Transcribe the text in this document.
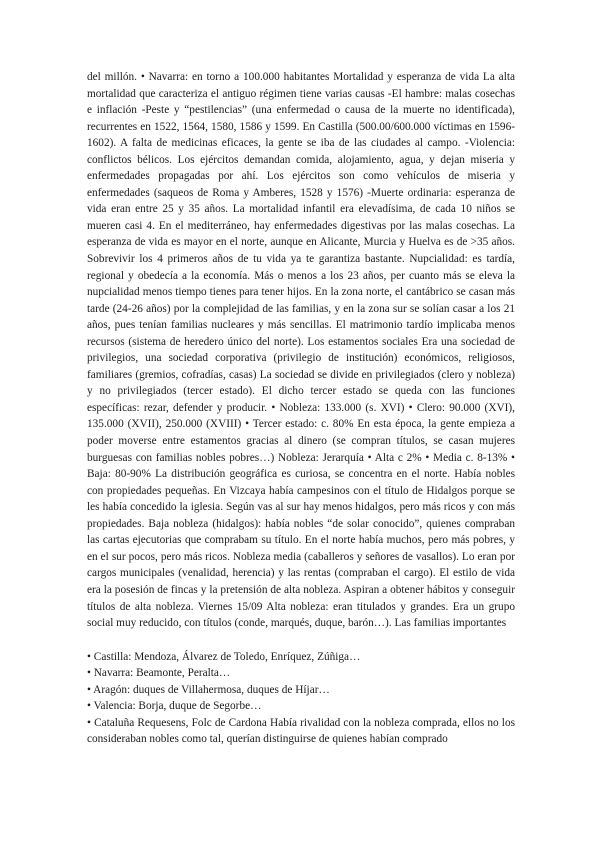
del millón. • Navarra: en torno a 100.000 habitantes Mortalidad y esperanza de vida La alta mortalidad que caracteriza el antiguo régimen tiene varias causas -El hambre: malas cosechas e inflación -Peste y “pestilencias” (una enfermedad o causa de la muerte no identificada), recurrentes en 1522, 1564, 1580, 1586 y 1599. En Castilla (500.00/600.000 víctimas en 1596-1602). A falta de medicinas eficaces, la gente se iba de las ciudades al campo. -Violencia: conflictos bélicos. Los ejércitos demandan comida, alojamiento, agua, y dejan miseria y enfermedades propagadas por ahí. Los ejércitos son como vehículos de miseria y enfermedades (saqueos de Roma y Amberes, 1528 y 1576) -Muerte ordinaria: esperanza de vida eran entre 25 y 35 años. La mortalidad infantil era elevadísima, de cada 10 niños se mueren casi 4. En el mediterráneo, hay enfermedades digestivas por las malas cosechas. La esperanza de vida es mayor en el norte, aunque en Alicante, Murcia y Huelva es de >35 años. Sobrevivir los 4 primeros años de tu vida ya te garantiza bastante. Nupcialidad: es tardía, regional y obedecía a la economía. Más o menos a los 23 años, per cuanto más se eleva la nupcialidad menos tiempo tienes para tener hijos. En la zona norte, el cantábrico se casan más tarde (24-26 años) por la complejidad de las familias, y en la zona sur se solían casar a los 21 años, pues tenían familias nucleares y más sencillas. El matrimonio tardío implicaba menos recursos (sistema de heredero único del norte). Los estamentos sociales Era una sociedad de privilegios, una sociedad corporativa (privilegio de institución) económicos, religiosos, familiares (gremios, cofradías, casas) La sociedad se divide en privilegiados (clero y nobleza) y no privilegiados (tercer estado). El dicho tercer estado se queda con las funciones específicas: rezar, defender y producir. • Nobleza: 133.000 (s. XVI) • Clero: 90.000 (XVI), 135.000 (XVII), 250.000 (XVIII) • Tercer estado: c. 80% En esta época, la gente empieza a poder moverse entre estamentos gracias al dinero (se compran títulos, se casan mujeres burguesas con familias nobles pobres…) Nobleza: Jerarquía • Alta c 2% • Media c. 8-13% • Baja: 80-90% La distribución geográfica es curiosa, se concentra en el norte. Había nobles con propiedades pequeñas. En Vizcaya había campesinos con el título de Hidalgos porque se les había concedido la iglesia. Según vas al sur hay menos hidalgos, pero más ricos y con más propiedades. Baja nobleza (hidalgos): había nobles “de solar conocido”, quienes compraban las cartas ejecutorias que comprabam su título. En el norte había muchos, pero más pobres, y en el sur pocos, pero más ricos. Nobleza media (caballeros y señores de vasallos). Lo eran por cargos municipales (venalidad, herencia) y las rentas (compraban el cargo). El estilo de vida era la posesión de fincas y la pretensión de alta nobleza. Aspiran a obtener hábitos y conseguir títulos de alta nobleza. Viernes 15/09 Alta nobleza: eran titulados y grandes. Era un grupo social muy reducido, con títulos (conde, marqués, duque, barón…). Las familias importantes

• Castilla: Mendoza, Álvarez de Toledo, Enríquez, Zúñiga…
• Navarra: Beamonte, Peralta…
• Aragón: duques de Villahermosa, duques de Híjar…
• Valencia: Borja, duque de Segorbe…
• Cataluña Requesens, Folc de Cardona Había rivalidad con la nobleza comprada, ellos no los consideraban nobles como tal, querían distinguirse de quienes habían comprado
